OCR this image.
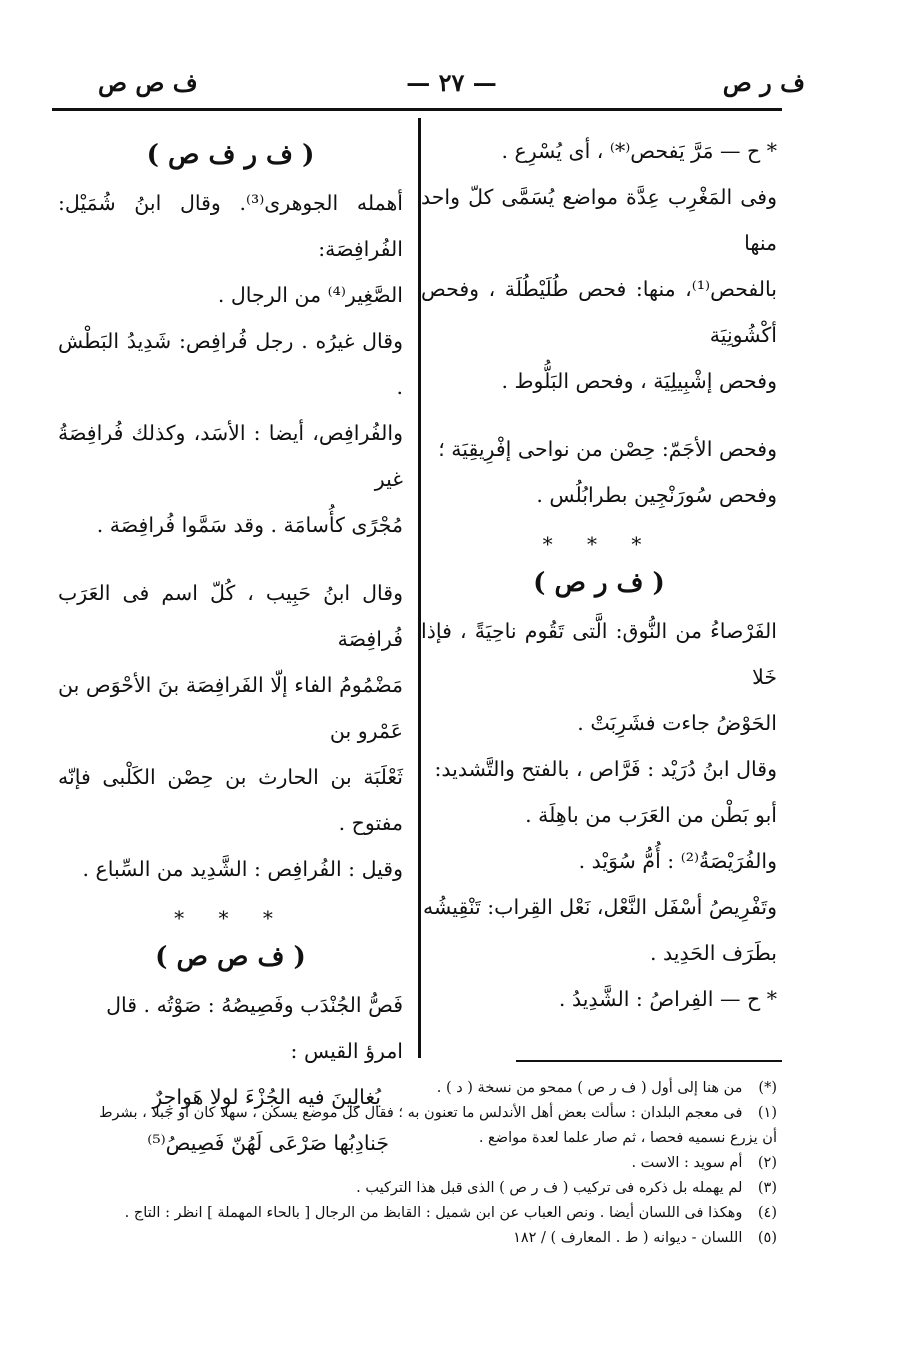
ف ر ص
— ٢٧ —
ف ص ص

* ح — مَرَّ يَفحص⁽*⁾ ، أى يُسْرِع .

وفى المَغْرِب عِدَّة مواضع يُسَمَّى كلّ واحد منها

بالفحص⁽¹⁾، منها: فحص طُلَيْطُلَة ، وفحص أكْشُونِيَة

وفحص إشْبِيلِيَة ، وفحص البَلُّوط .

وفحص الأجَمّ: حِصْن من نواحى إفْرِيقِيَة ؛

وفحص سُورَنْجِين بطرابُلُس .

* * *
( ف ر ص )

الفَرْصاءُ من النُّوق: الَّتى تَقُوم ناحِيَةً ، فإذا خَلا

الحَوْضُ جاءت فشَرِبَتْ .

وقال ابنُ دُرَيْد : فَرَّاص ، بالفتح والتَّشديد:

أبو بَطْن من العَرَب من باهِلَة .

والفُرَيْصَةُ⁽²⁾ : أُمُّ سُوَيْد .

وتَفْرِيصُ أسْفَل النَّعْل، نَعْل القِراب: تَنْقِيشُه

بطَرَف الحَدِيد .

* ح — الفِراصُ : الشَّدِيدُ .

( ف ر ف ص )

أهمله الجوهرى⁽³⁾. وقال ابنُ شُمَيْل: الفُرافِصَة:

الصَّغِير⁽⁴⁾ من الرجال .

وقال غيرُه . رجل فُرافِص: شَدِيدُ البَطْش .

والفُرافِص، أيضا : الأسَد، وكذلك فُرافِصَةُ غير

مُجْرًى كأُسامَة . وقد سَمَّوا فُرافِصَة .

وقال ابنُ حَبِيب ، كُلّ اسم فى العَرَب فُرافِصَة

مَضْمُومُ الفاء إلّا الفَرافِصَة بنَ الأحْوَص بن عَمْرو بن

ثَعْلَبَة بن الحارث بن حِصْن الكَلْبى فإنّه مفتوح .

وقيل : الفُرافِص : الشَّدِيد من السِّباع .

* * *
( ف ص ص )

فَصُّ الجُنْدَب وفَصِيصُهُ : صَوْتُه . قال

امرؤ القيس :

يُغالِينَ فيه الجُزْءَ لولا هَواجِرٌ

جَنادِبُها صَرْعَى لَهُنّ فَصِيصُ⁽⁵⁾

(*) من هنا إلى أول ( ف ر ص ) ممحو من نسخة ( د ) .

(١) فى معجم البلدان : سألت بعض أهل الأندلس ما تعنون به ؛ فقال كل موضع يسكن ، سهلا كان أو جبلا ، بشرط

أن يزرع نسميه فحصا ، ثم صار علما لعدة مواضع .

(٢) أم سويد : الاست .

(٣) لم يهمله بل ذكره فى تركيب ( ف ر ص ) الذى قبل هذا التركيب .

(٤) وهكذا فى اللسان أيضا . ونص العباب عن ابن شميل : القابظ من الرجال [ بالحاء المهملة ] انظر : التاج .

(٥) اللسان - ديوانه ( ط . المعارف ) / ١٨٢
